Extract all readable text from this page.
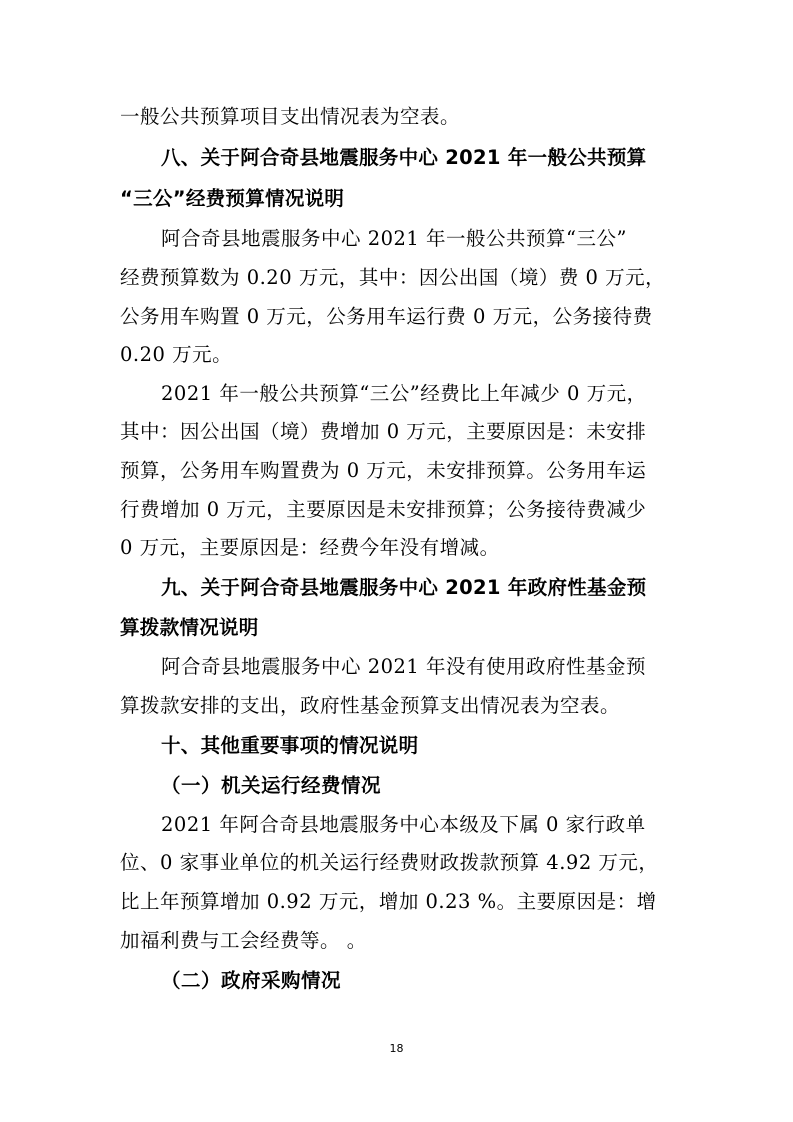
一般公共预算项目支出情况表为空表。
八、关于阿合奇县地震服务中心 2021 年一般公共预算
“三公”经费预算情况说明
阿合奇县地震服务中心 2021 年一般公共预算“三公”
经费预算数为 0.20 万元，其中：因公出国（境）费 0 万元，
公务用车购置 0 万元，公务用车运行费 0 万元，公务接待费
0.20 万元。
2021 年一般公共预算“三公”经费比上年减少 0 万元，
其中：因公出国（境）费增加 0 万元，主要原因是：未安排
预算，公务用车购置费为 0 万元，未安排预算。公务用车运
行费增加 0 万元，主要原因是未安排预算；公务接待费减少
0 万元，主要原因是：经费今年没有增减。
九、关于阿合奇县地震服务中心 2021 年政府性基金预
算拨款情况说明
阿合奇县地震服务中心 2021 年没有使用政府性基金预
算拨款安排的支出，政府性基金预算支出情况表为空表。
十、其他重要事项的情况说明
（一）机关运行经费情况
2021 年阿合奇县地震服务中心本级及下属 0 家行政单
位、0 家事业单位的机关运行经费财政拨款预算 4.92 万元，
比上年预算增加 0.92 万元，增加 0.23 %。主要原因是：增
加福利费与工会经费等。 。
（二）政府采购情况
18
